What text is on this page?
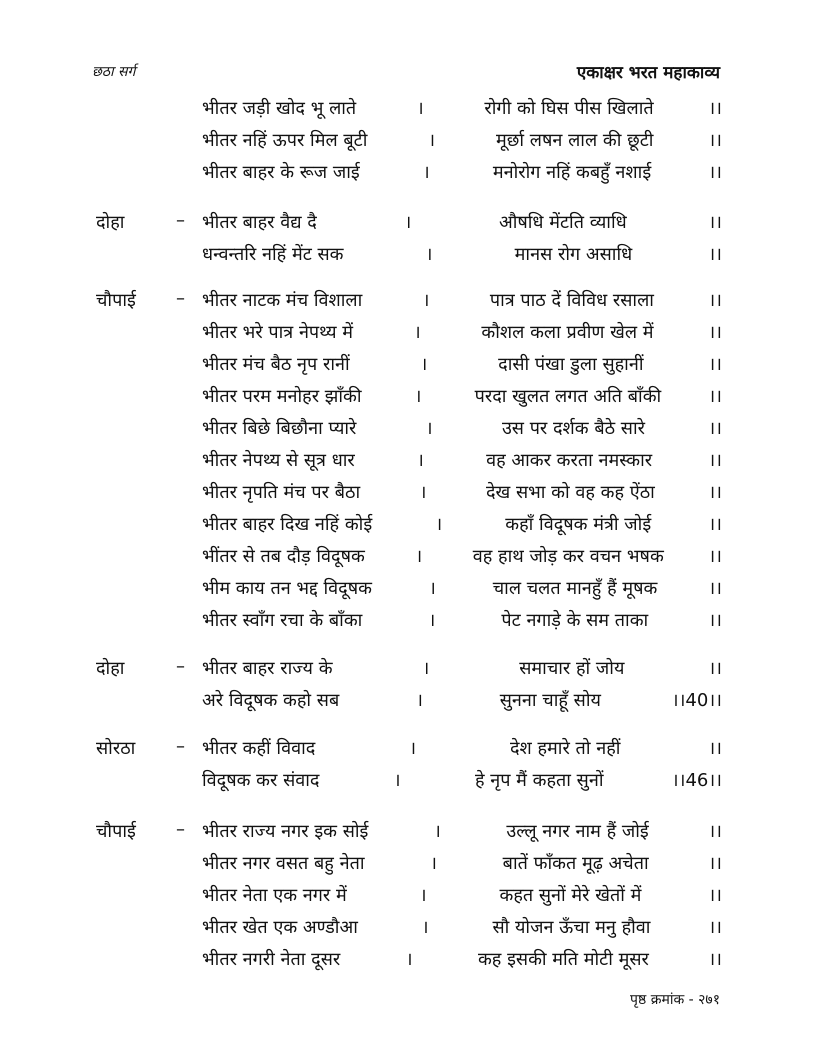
छठा सर्ग	एकाक्षर भरत महाकाव्य
भीतर जड़ी खोद भू लाते	।	रोगी को घिस पीस खिलाते	।।
भीतर नहिं ऊपर मिल बूटी	।	मूर्छा लषन लाल की छूटी	।।
भीतर बाहर के रूज जाई	।	मनोरोग नहिं कबहुँ नशाई	।।
दोहा	– भीतर बाहर वैद्य दै	।	औषधि मेंटति व्याधि	।।
धन्वन्तरि नहिं मेंट सक	।	मानस रोग असाधि	।।
चौपाई – भीतर नाटक मंच विशाला	।	पात्र पाठ दें विविध रसाला	।।
भीतर भरे पात्र नेपथ्य में	।	कौशल कला प्रवीण खेल में	।।
भीतर मंच बैठ नृप रानीं	।	दासी पंखा डुला सुहानीं	।।
भीतर परम मनोहर झाँकी	।	परदा खुलत लगत अति बाँकी	।।
भीतर बिछे बिछौना प्यारे	।	उस पर दर्शक बैठे सारे	।।
भीतर नेपथ्य से सूत्र धार	।	वह आकर करता नमस्कार	।।
भीतर नृपति मंच पर बैठा	।	देख सभा को वह कह ऐंठा	।।
भीतर बाहर दिख नहिं कोई	।	कहाँ विदूषक मंत्री जोई	।।
भींतर से तब दौड़ विदूषक	।	वह हाथ जोड़ कर वचन भषक ।।
भीम काय तन भद्द विदूषक	।	चाल चलत मानहुँ हैं मूषक	।।
भीतर स्वाँग रचा के बाँका	।	पेट नगाड़े के सम ताका	।।
दोहा	– भीतर बाहर राज्य के	।	समाचार हों जोय	।।
अरे विदूषक कहो सब	।	सुनना चाहूँ सोय	।।40।।
सोरठा – भीतर कहीं विवाद	।	देश हमारे तो नहीं	।।
विदूषक कर संवाद	।	हे नृप मैं कहता सुनों	।।46।।
चौपाई – भीतर राज्य नगर इक सोई	।	उल्लू नगर नाम हैं जोई	।।
भीतर नगर वसत बहु नेता	।	बातें फाँकत मूढ़ अचेता	।।
भीतर नेता एक नगर में	।	कहत सुनों मेरे खेतों में	।।
भीतर खेत एक अण्डौआ	।	सौ योजन ऊँचा मनु हौवा	।।
भीतर नगरी नेता दूसर	।	कह इसकी मति मोटी मूसर	।।
पृष्ठ क्रमांक - २७१
